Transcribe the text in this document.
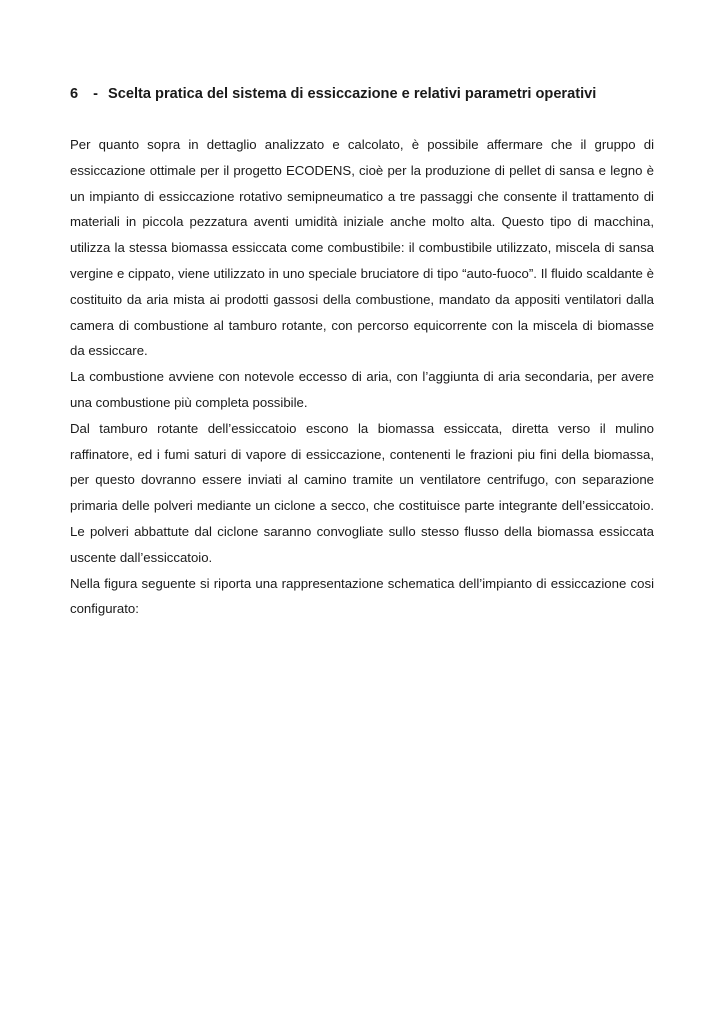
6 - Scelta pratica del sistema di essiccazione e relativi parametri operativi

Per quanto sopra in dettaglio analizzato e calcolato, è possibile affermare che il gruppo di essiccazione ottimale per il progetto ECODENS, cioè per la produzione di pellet di sansa e legno è un impianto di essiccazione rotativo semipneumatico a tre passaggi che consente il trattamento di materiali in piccola pezzatura aventi umidità iniziale anche molto alta. Questo tipo di macchina, utilizza la stessa biomassa essiccata come combustibile: il combustibile utilizzato, miscela di sansa vergine e cippato, viene utilizzato in uno speciale bruciatore di tipo “auto-fuoco”. Il fluido scaldante è costituito da aria mista ai prodotti gassosi della combustione, mandato da appositi ventilatori dalla camera di combustione al tamburo rotante, con percorso equicorrente con la miscela di biomasse da essiccare.

La combustione avviene con notevole eccesso di aria, con l’aggiunta di aria secondaria, per avere una combustione più completa possibile.

Dal tamburo rotante dell’essiccatoio escono la biomassa essiccata, diretta verso il mulino raffinatore, ed i fumi saturi di vapore di essiccazione, contenenti le frazioni piu fini della biomassa, per questo dovranno essere inviati al camino tramite un ventilatore centrifugo, con separazione primaria delle polveri mediante un ciclone a secco, che costituisce parte integrante dell’essiccatoio. Le polveri abbattute dal ciclone saranno convogliate sullo stesso flusso della biomassa essiccata uscente dall’essiccatoio.

Nella figura seguente si riporta una rappresentazione schematica dell’impianto di essiccazione cosi configurato:
